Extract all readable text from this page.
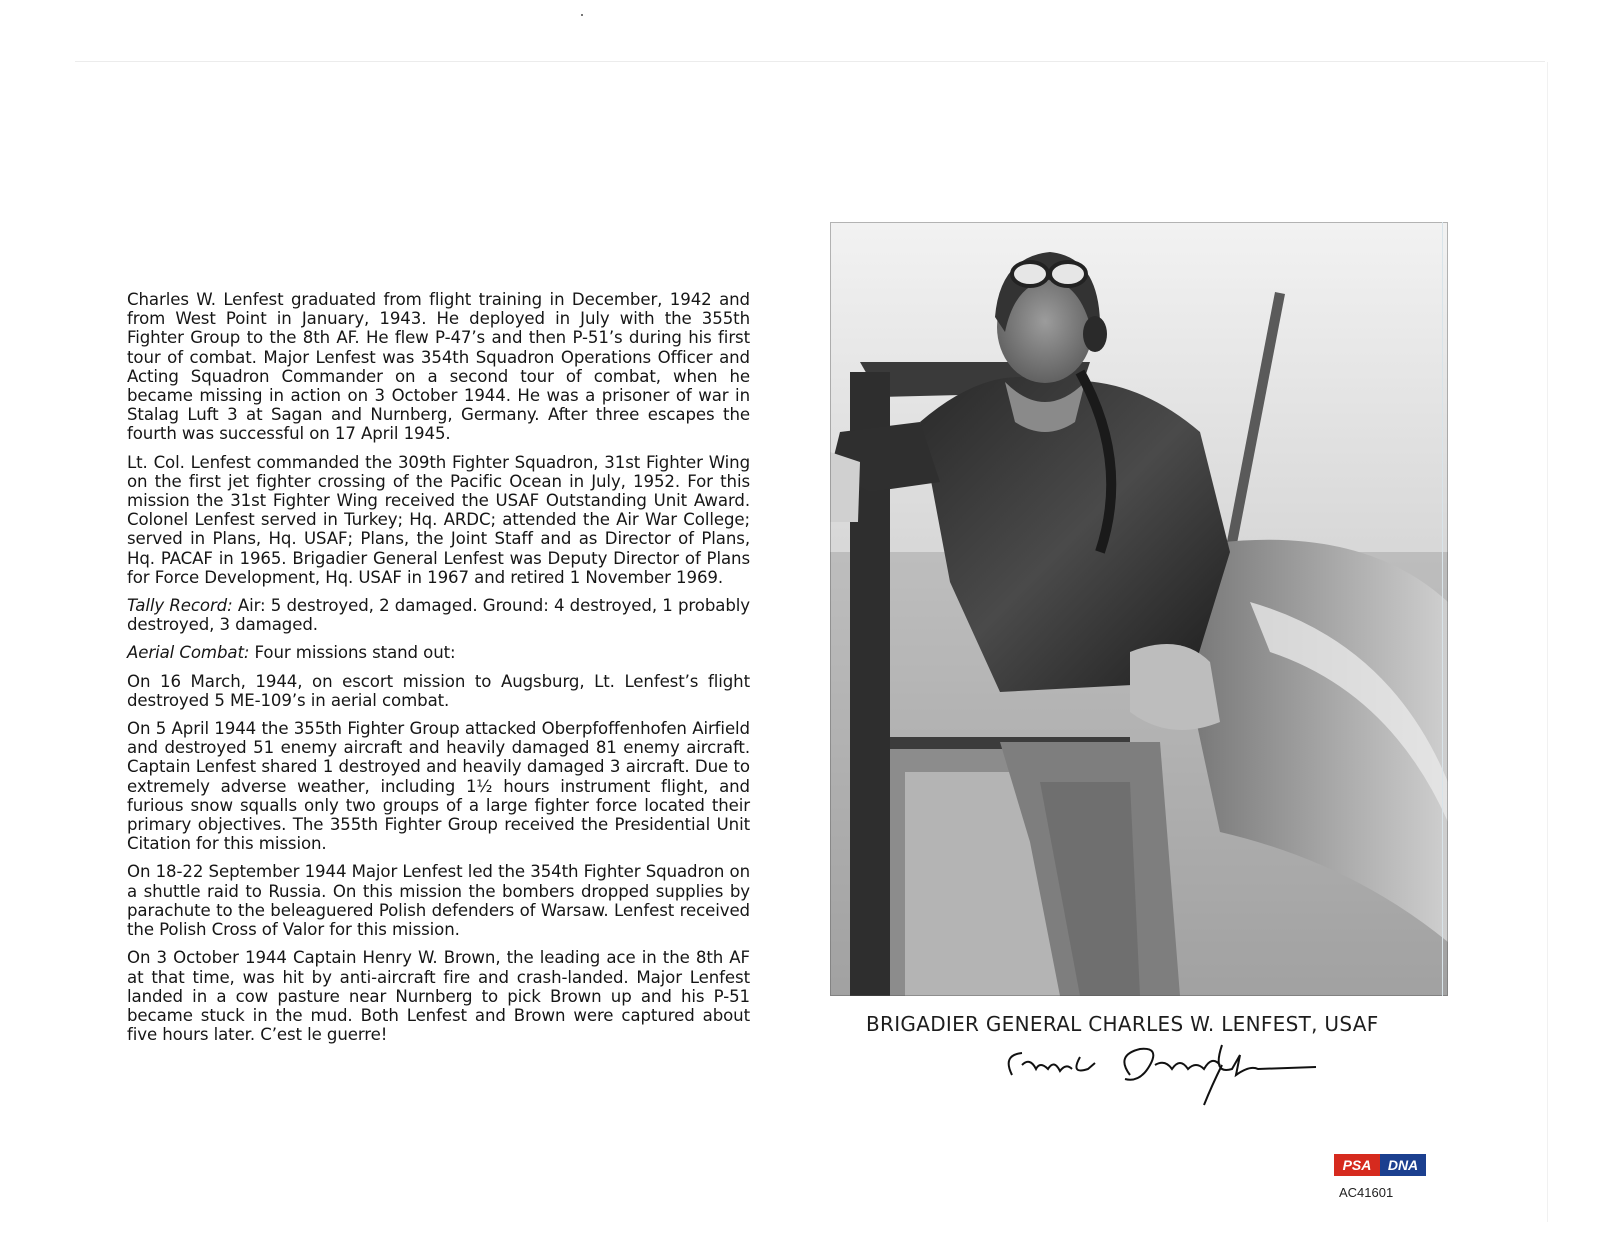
Charles W. Lenfest graduated from flight training in December, 1942 and from West Point in January, 1943. He deployed in July with the 355th Fighter Group to the 8th AF. He flew P-47’s and then P-51’s during his first tour of combat. Major Lenfest was 354th Squadron Operations Officer and Acting Squadron Commander on a second tour of combat, when he became missing in action on 3 October 1944. He was a prisoner of war in Stalag Luft 3 at Sagan and Nurnberg, Germany. After three escapes the fourth was successful on 17 April 1945.

Lt. Col. Lenfest commanded the 309th Fighter Squadron, 31st Fighter Wing on the first jet fighter crossing of the Pacific Ocean in July, 1952. For this mission the 31st Fighter Wing received the USAF Outstanding Unit Award. Colonel Lenfest served in Turkey; Hq. ARDC; attended the Air War College; served in Plans, Hq. USAF; Plans, the Joint Staff and as Director of Plans, Hq. PACAF in 1965. Brigadier General Lenfest was Deputy Director of Plans for Force Development, Hq. USAF in 1967 and retired 1 November 1969.

Tally Record: Air: 5 destroyed, 2 damaged. Ground: 4 destroyed, 1 probably destroyed, 3 damaged.

Aerial Combat: Four missions stand out:

On 16 March, 1944, on escort mission to Augsburg, Lt. Lenfest’s flight destroyed 5 ME-109’s in aerial combat.

On 5 April 1944 the 355th Fighter Group attacked Oberpfoffenhofen Airfield and destroyed 51 enemy aircraft and heavily damaged 81 enemy aircraft. Captain Lenfest shared 1 destroyed and heavily damaged 3 aircraft. Due to extremely adverse weather, including 1½ hours instrument flight, and furious snow squalls only two groups of a large fighter force located their primary objectives. The 355th Fighter Group received the Presidential Unit Citation for this mission.

On 18-22 September 1944 Major Lenfest led the 354th Fighter Squadron on a shuttle raid to Russia. On this mission the bombers dropped supplies by parachute to the beleaguered Polish defenders of Warsaw. Lenfest received the Polish Cross of Valor for this mission.

On 3 October 1944 Captain Henry W. Brown, the leading ace in the 8th AF at that time, was hit by anti-aircraft fire and crash-landed. Major Lenfest landed in a cow pasture near Nurnberg to pick Brown up and his P-51 became stuck in the mud. Both Lenfest and Brown were captured about five hours later. C’est le guerre!	BRIGADIER GENERAL CHARLES W. LENFEST, USAF
PSA DNA
AC41601
